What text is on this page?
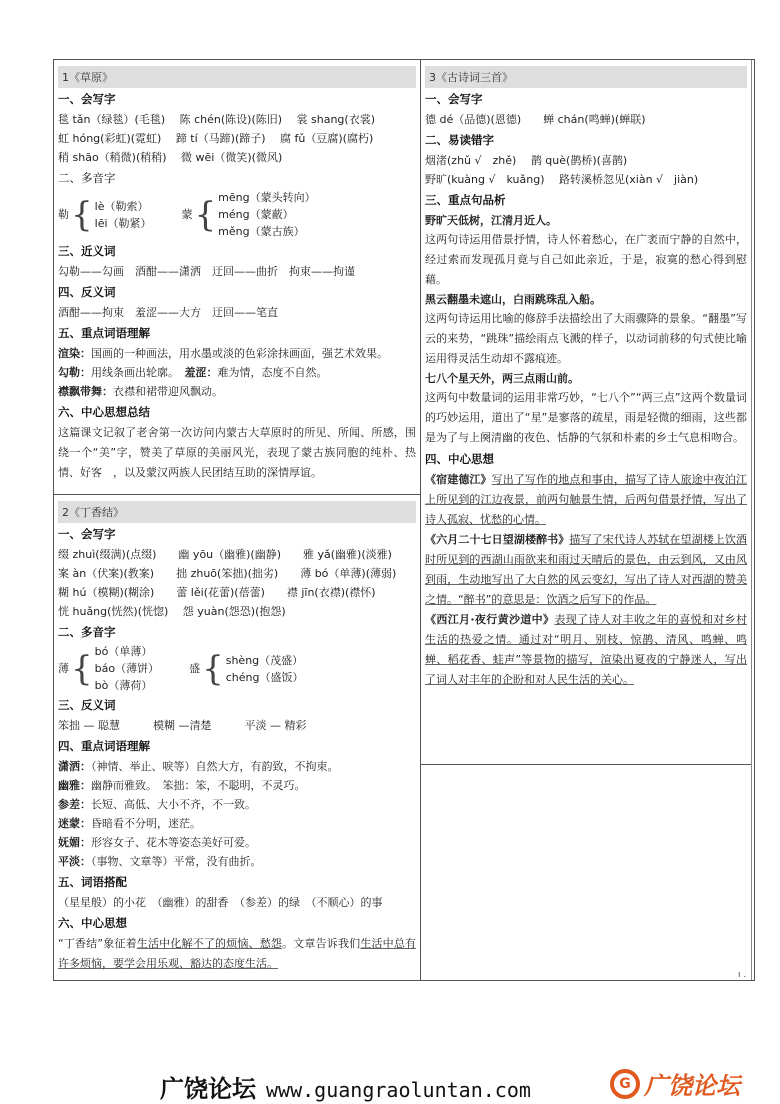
1《草原》
一、会写字
毯 tǎn（绿毯）(毛毯)　 陈 chén(陈设)(陈旧)　 裳 shang(衣裳)
虹 hóng(彩虹)(霓虹)　 蹄 tí（马蹄)(蹄子)　 腐 fǔ（豆腐)(腐朽)
稍 shāo（稍微)(稍稍)　 微 wēi（微笑)(微风)
二、多音字
勒 { lè（勒索）
lēi（勒紧）
蒙 { mēng（蒙头转向）
méng（蒙蔽）
měng（蒙古族）
三、近义词
勾勒——勾画　酒酣——潇洒　迂回——曲折　拘束——拘谨
四、反义词
酒酣——拘束　羞涩——大方　迂回——笔直
五、重点词语理解
渲染：国画的一种画法，用水墨或淡的色彩涂抹画面，强艺术效果。
勾勒：用线条画出轮廓。　羞涩：难为情，态度不自然。
襟飘带舞：衣襟和裙带迎风飘动。
六、中心思想总结
这篇课文记叙了老舍第一次访问内蒙古大草原时的所见、所闻、所感，围绕一个“美”字，赞美了草原的美丽风光，表现了蒙古族同胞的纯朴、热情、好客　，以及蒙汉两族人民团结互助的深情厚谊。
2《丁香结》
一、会写字
缀 zhuì(缀满)(点缀)　　幽 yōu（幽雅)(幽静)　　雅 yǎ(幽雅)(淡雅)
案 àn（伏案)(教案)　　拙 zhuō(笨拙)(拙劣)　　薄 bó（单薄)(薄弱)
糊 hú（模糊)(糊涂)　　蕾 lěi(花蕾)(蓓蕾)　　襟 jīn(衣襟)(襟怀)
恍 huǎng(恍然)(恍惚)　 怨 yuàn(怨恐)(抱怨)
二、多音字
薄 { bó（单薄）
báo（薄饼）
bò（薄荷）
盛 { shèng（茂盛）
chéng（盛饭）
三、反义词
笨拙 — 聪慧　　　模糊 —清楚　　　平淡 — 精彩
四、重点词语理解
潇洒：（神情、举止、唳等）自然大方，有韵致，不拘束。
幽雅：幽静而雅致。　笨拙：笨，不聪明，不灵巧。
参差：长短、高低、大小不齐，不一致。
迷蒙：昏暗看不分明，迷茫。
妩媚：形容女子、花木等姿态美好可爱。
平淡：（事物、文章等）平常，没有曲折。
五、词语搭配
（星星般）的小花　（幽雅）的甜香　（参差）的绿　（不顺心）的事
六、中心思想
“丁香结”象征着生活中化解不了的烦恼、愁怨。文章告诉我们生活中总有许多烦恼，要学会用乐观、豁达的态度生活。
3《古诗词三首》
一、会写字
德 dé（品德)(恩德)　　蝉 chán(鸣蝉)(蝉联)
二、易读错字
烟渚(zhǔ √　zhě)　 鹊 què(鹊桥)(喜鹊)
野旷(kuàng √　kuǎng)　 路转溪桥忽见(xiàn √　jiàn)
三、重点句品析
野旷天低树，江清月近人。
这两句诗运用借景抒情，诗人怀着愁心，在广袤而宁静的自然中，经过索而发现孤月竟与自己如此亲近，于是，寂寞的愁心得到慰藉。
黑云翻墨未遮山，白雨跳珠乱入船。
这两句诗运用比喻的修辞手法描绘出了大雨骤降的景象。“翻墨”写云的来势，“跳珠”描绘雨点飞溅的样子，以动词前移的句式使比喻运用得灵活生动却不露痕迹。
七八个星天外，两三点雨山前。
这两句中数量词的运用非常巧妙，“七八个”“两三点”这两个数量词的巧妙运用，道出了“星”是寥落的疏星，雨是轻微的细雨，这些都是为了与上阕清幽的夜色、恬静的气氛和朴素的乡土气息相吻合。
四、中心思想
《宿建德江》写出了写作的地点和事由，描写了诗人旅途中夜泊江上所见到的江边夜景，前两句触景生情，后两句借景抒情，写出了诗人孤寂、忧愁的心情。
《六月二十七日望湖楼醉书》描写了宋代诗人苏轼在望湖楼上饮酒时所见到的西湖山雨欲来和雨过天晴后的景色，由云到风，又由风到雨，生动地写出了大自然的风云变幻，写出了诗人对西湖的赞美之情。“醉书”的意思是：饮酒之后写下的作品。
《西江月·夜行黄沙道中》表现了诗人对丰收之年的喜悦和对乡村生活的热爱之情。通过对“明月、别枝、惊鹊、清风、鸣蝉、鸣蝉、稻花香、蛙声”等景物的描写，渲染出夏夜的宁静迷人，写出了词人对丰年的企盼和对人民生活的关心。
ı .
广饶论坛 www.guangraoluntan.com	G 广饶论坛
